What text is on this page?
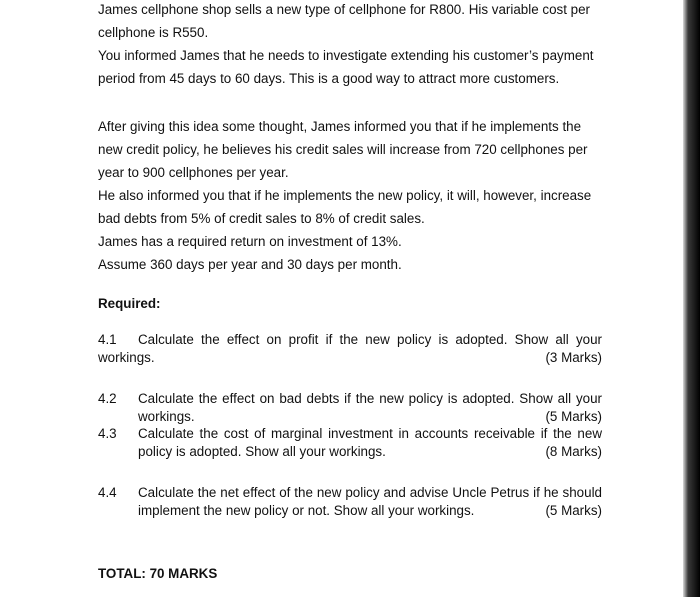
James cellphone shop sells a new type of cellphone for R800. His variable cost per cellphone is R550.

You informed James that he needs to investigate extending his customer’s payment period from 45 days to 60 days. This is a good way to attract more customers.

After giving this idea some thought, James informed you that if he implements the new credit policy, he believes his credit sales will increase from 720 cellphones per year to 900 cellphones per year.

He also informed you that if he implements the new policy, it will, however, increase bad debts from 5% of credit sales to 8% of credit sales.

James has a required return on investment of 13%.

Assume 360 days per year and 30 days per month.

Required:

4.1 Calculate the effect on profit if the new policy is adopted. Show all your
workings.	(3 Marks)
4.2 Calculate the effect on bad debts if the new policy is adopted. Show all your
workings.	(5 Marks)
4.3 Calculate the cost of marginal investment in accounts receivable if the new
policy is adopted. Show all your workings.	(8 Marks)
4.4 Calculate the net effect of the new policy and advise Uncle Petrus if he should
implement the new policy or not. Show all your workings.	(5 Marks)

TOTAL: 70 MARKS
